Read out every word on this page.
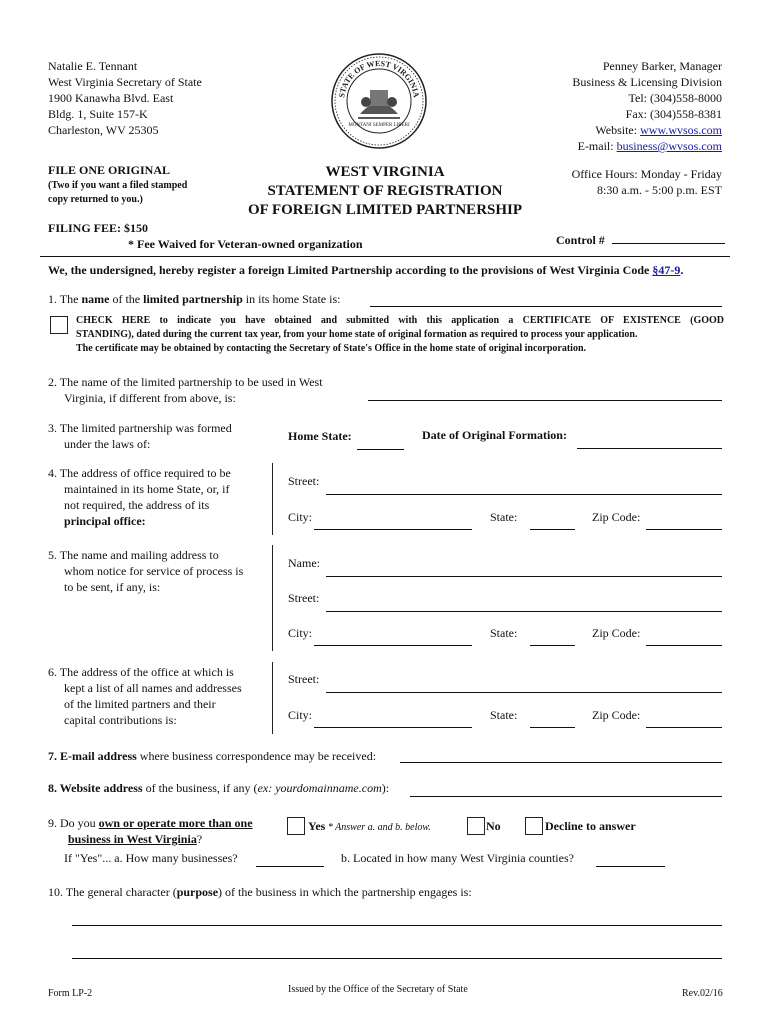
Natalie E. Tennant
West Virginia Secretary of State
1900 Kanawha Blvd. East
Bldg. 1, Suite 157-K
Charleston, WV 25305
STATE OF WEST VIRGINIA
MONTANI SEMPER LIBERI
Penney Barker, Manager
Business & Licensing Division
Tel: (304)558-8000
Fax: (304)558-8381
Website: www.wvsos.com
E-mail: business@wvsos.com
Office Hours: Monday - Friday
8:30 a.m. - 5:00 p.m. EST
FILE ONE ORIGINAL
(Two if you want a filed stamped
copy returned to you.)
FILING FEE: $150
* Fee Waived for Veteran-owned organization
WEST VIRGINIA
STATEMENT OF REGISTRATION
OF FOREIGN LIMITED PARTNERSHIP
Control #
We, the undersigned, hereby register a foreign Limited Partnership according to the provisions of West Virginia Code §47-9.
1. The name of the limited partnership in its home State is:
CHECK HERE to indicate you have obtained and submitted with this application a CERTIFICATE OF EXISTENCE (GOOD
STANDING), dated during the current tax year, from your home state of original formation as required to process your application.
The certificate may be obtained by contacting the Secretary of State's Office in the home state of original incorporation.
2. The name of the limited partnership to be used in West
Virginia, if different from above, is:
3. The limited partnership was formed
under the laws of:
Home State:	Date of Original Formation:
4. The address of office required to be
maintained in its home State, or, if
not required, the address of its
principal office:
Street:
City:	State:	Zip Code:
5. The name and mailing address to
whom notice for service of process is
to be sent, if any, is:
Name:
Street:
City:	State:	Zip Code:
6. The address of the office at which is
kept a list of all names and addresses
of the limited partners and their
capital contributions is:
Street:
City:	State:	Zip Code:
7. E-mail address where business correspondence may be received:
8. Website address of the business, if any (ex: yourdomainname.com):
9. Do you own or operate more than one
business in West Virginia?
Yes * Answer a. and b. below.	No	Decline to answer
If "Yes"... a. How many businesses?	b. Located in how many West Virginia counties?
10. The general character (purpose) of the business in which the partnership engages is:
Form LP-2	Issued by the Office of the Secretary of State	Rev.02/16
